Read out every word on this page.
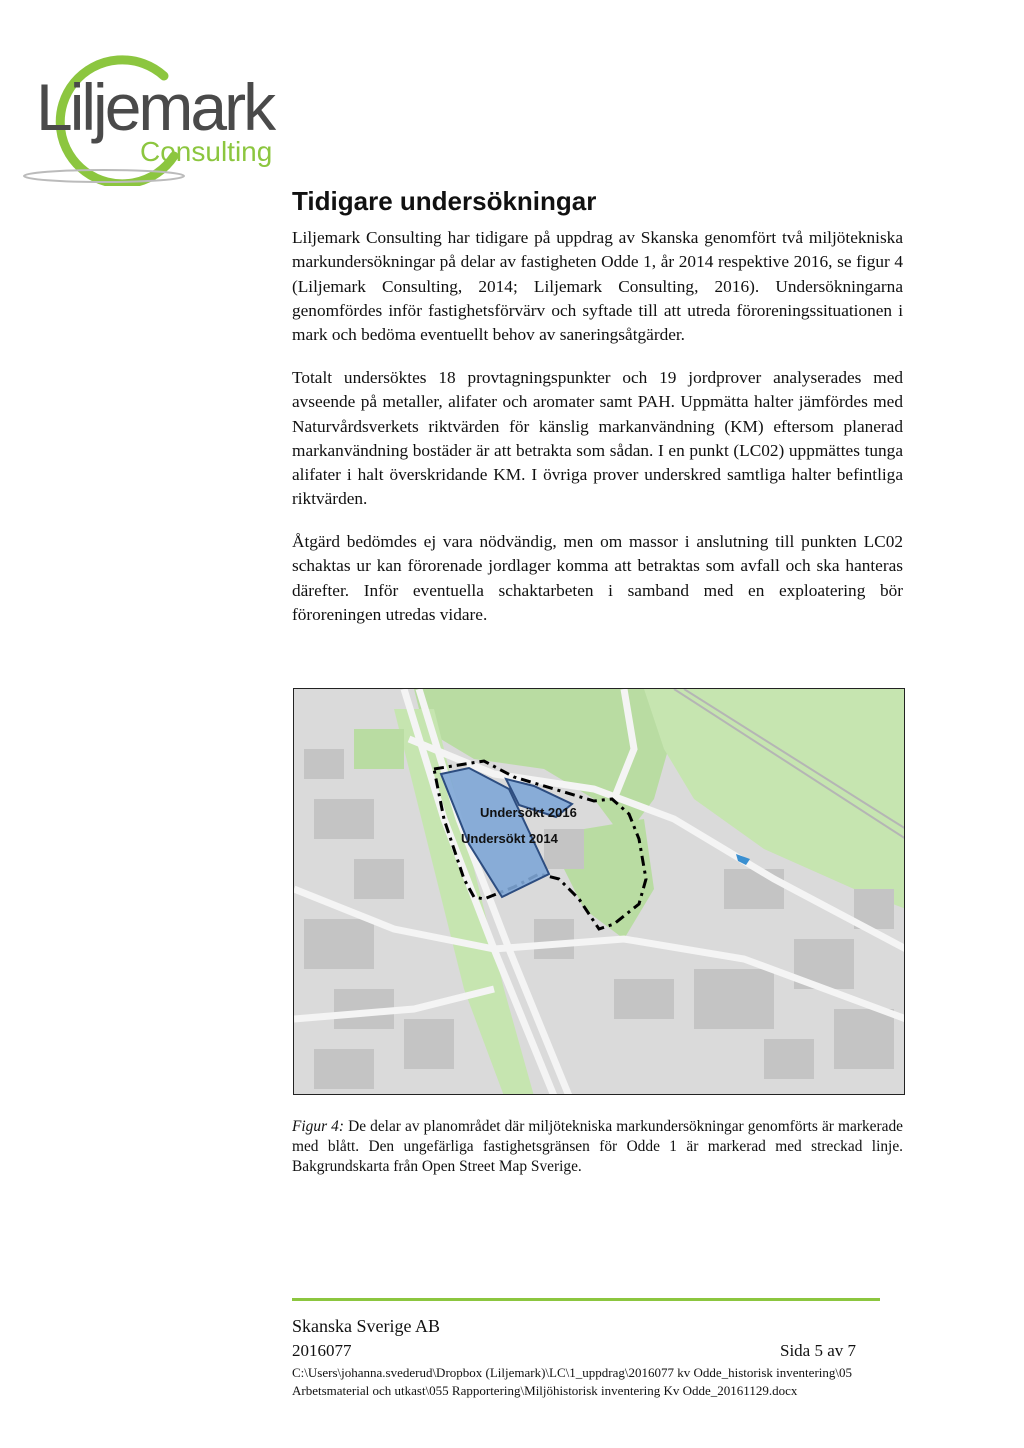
Liljemark
Consulting
Tidigare undersökningar

Liljemark Consulting har tidigare på uppdrag av Skanska genomfört två miljötekniska markundersökningar på delar av fastigheten Odde 1, år 2014 respektive 2016, se figur 4 (Liljemark Consulting, 2014; Liljemark Consulting, 2016). Undersökningarna genomfördes inför fastighetsförvärv och syftade till att utreda föroreningssituationen i mark och bedöma eventuellt behov av saneringsåtgärder.

Totalt undersöktes 18 provtagningspunkter och 19 jordprover analyserades med avseende på metaller, alifater och aromater samt PAH. Uppmätta halter jämfördes med Naturvårdsverkets riktvärden för känslig markanvändning (KM) eftersom planerad markanvändning bostäder är att betrakta som sådan. I en punkt (LC02) uppmättes tunga alifater i halt överskridande KM. I övriga prover underskred samtliga halter befintliga riktvärden.

Åtgärd bedömdes ej vara nödvändig, men om massor i anslutning till punkten LC02 schaktas ur kan förorenade jordlager komma att betraktas som avfall och ska hanteras därefter. Inför eventuella schaktarbeten i samband med en exploatering bör föroreningen utredas vidare.

Undersökt 2016
Undersökt 2014

Figur 4: De delar av planområdet där miljötekniska markundersökningar genomförts är markerade med blått. Den ungefärliga fastighetsgränsen för Odde 1 är markerad med streckad linje. Bakgrundskarta från Open Street Map Sverige.

Skanska Sverige AB
2016077	Sida 5 av 7
C:\Users\johanna.svederud\Dropbox (Liljemark)\LC\1_uppdrag\2016077 kv Odde_historisk inventering\05
Arbetsmaterial och utkast\055 Rapportering\Miljöhistorisk inventering Kv Odde_20161129.docx
